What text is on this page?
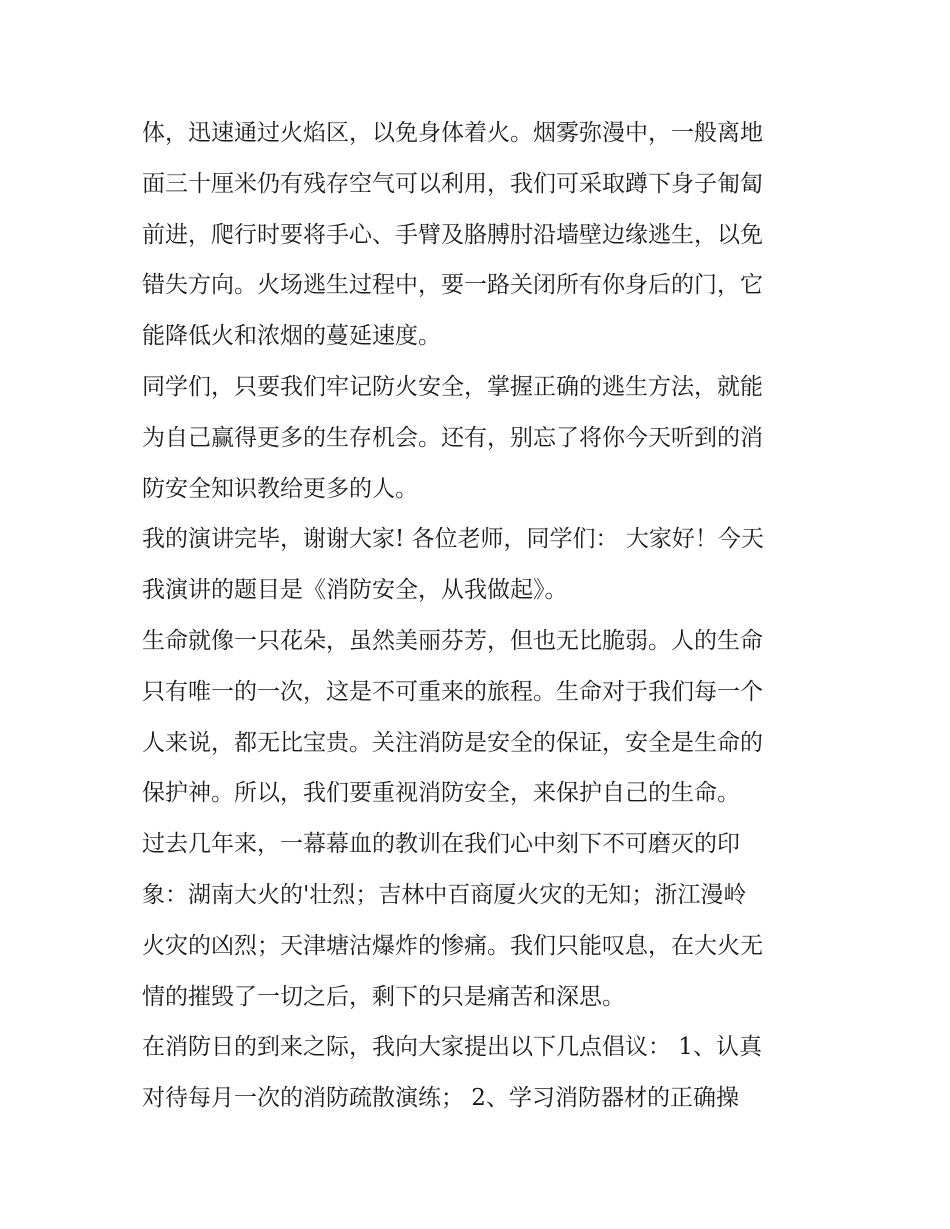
体，迅速通过火焰区，以免身体着火。烟雾弥漫中，一般离地
面三十厘米仍有残存空气可以利用，我们可采取蹲下身子匍匐
前进，爬行时要将手心、手臂及胳膊肘沿墙壁边缘逃生，以免
错失方向。火场逃生过程中，要一路关闭所有你身后的门，它
能降低火和浓烟的蔓延速度。

同学们，只要我们牢记防火安全，掌握正确的逃生方法，就能
为自己赢得更多的生存机会。还有，别忘了将你今天听到的消
防安全知识教给更多的人。

我的演讲完毕，谢谢大家! 各位老师，同学们： 大家好！今天
我演讲的题目是《消防安全，从我做起》。

生命就像一只花朵，虽然美丽芬芳，但也无比脆弱。人的生命
只有唯一的一次，这是不可重来的旅程。生命对于我们每一个
人来说，都无比宝贵。关注消防是安全的保证，安全是生命的
保护神。所以，我们要重视消防安全，来保护自己的生命。

过去几年来，一幕幕血的教训在我们心中刻下不可磨灭的印
象：湖南大火的'壮烈；吉林中百商厦火灾的无知；浙江漫岭
火灾的凶烈；天津塘沽爆炸的惨痛。我们只能叹息，在大火无
情的摧毁了一切之后，剩下的只是痛苦和深思。

在消防日的到来之际，我向大家提出以下几点倡议： 1、认真
对待每月一次的消防疏散演练； 2、学习消防器材的正确操
